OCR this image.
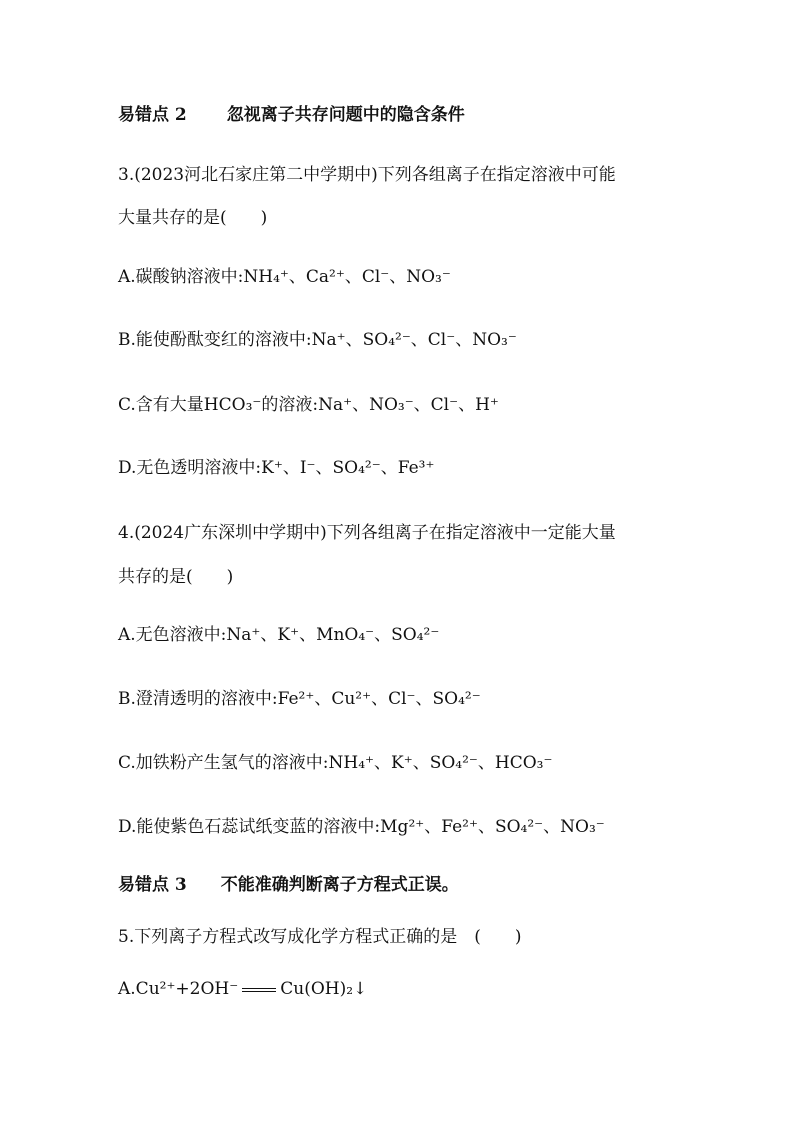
易错点 2 忽视离子共存问题中的隐含条件
3.(2023河北石家庄第二中学期中)下列各组离子在指定溶液中可能
大量共存的是(　　)
A.碳酸钠溶液中:NH₄⁺、Ca²⁺、Cl⁻、NO₃⁻
B.能使酚酞变红的溶液中:Na⁺、SO₄²⁻、Cl⁻、NO₃⁻
C.含有大量HCO₃⁻的溶液:Na⁺、NO₃⁻、Cl⁻、H⁺
D.无色透明溶液中:K⁺、I⁻、SO₄²⁻、Fe³⁺
4.(2024广东深圳中学期中)下列各组离子在指定溶液中一定能大量
共存的是(　　)
A.无色溶液中:Na⁺、K⁺、MnO₄⁻、SO₄²⁻
B.澄清透明的溶液中:Fe²⁺、Cu²⁺、Cl⁻、SO₄²⁻
C.加铁粉产生氢气的溶液中:NH₄⁺、K⁺、SO₄²⁻、HCO₃⁻
D.能使紫色石蕊试纸变蓝的溶液中:Mg²⁺、Fe²⁺、SO₄²⁻、NO₃⁻
易错点 3 不能准确判断离子方程式正误。
5.下列离子方程式改写成化学方程式正确的是　(　　)
A.Cu²⁺+2OH⁻ Cu(OH)₂↓
